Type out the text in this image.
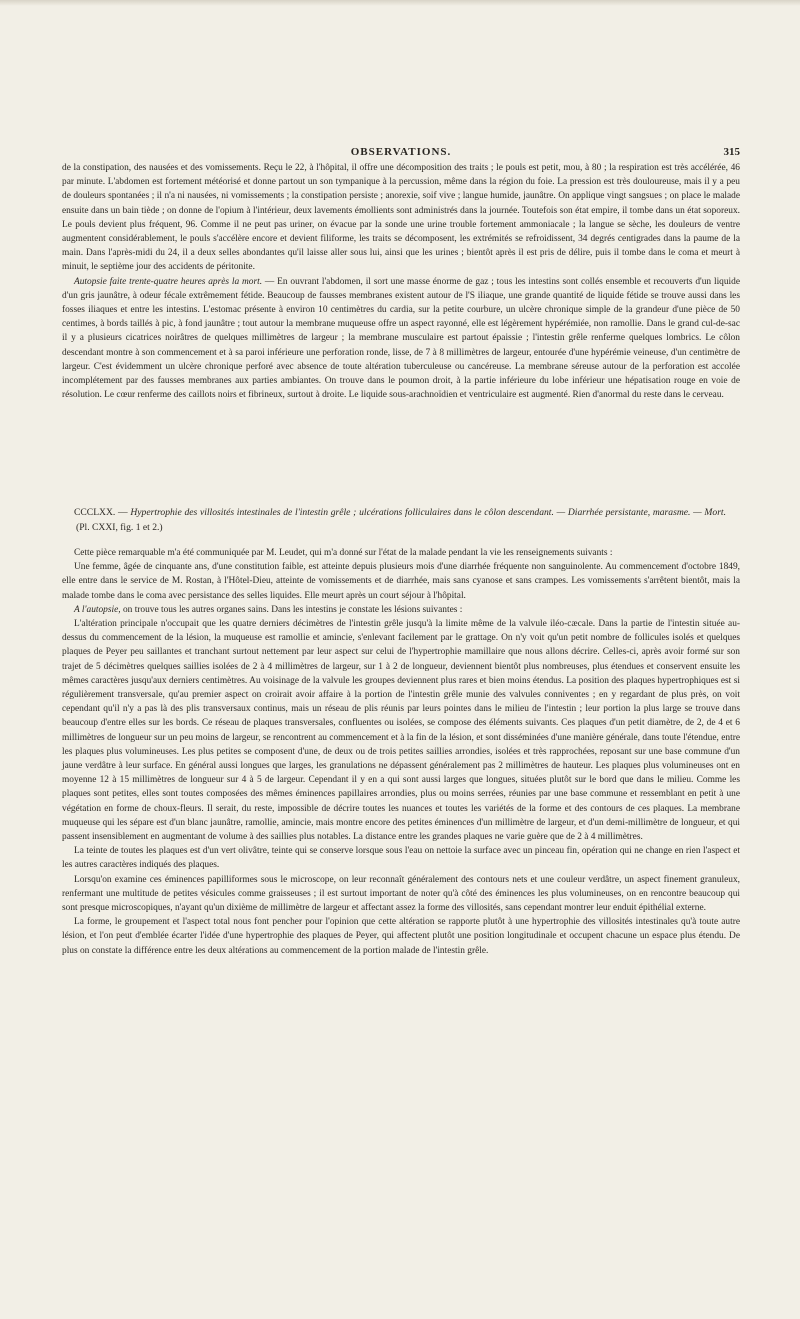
OBSERVATIONS.	315

de la constipation, des nausées et des vomissements. Reçu le 22, à l'hôpital, il offre une décomposition des traits ; le pouls est petit, mou, à 80 ; la respiration est très accélérée, 46 par minute. L'abdomen est fortement météorisé et donne partout un son tympanique à la percussion, même dans la région du foie. La pression est très douloureuse, mais il y a peu de douleurs spontanées ; il n'a ni nausées, ni vomissements ; la constipation persiste ; anorexie, soif vive ; langue humide, jaunâtre. On applique vingt sangsues ; on place le malade ensuite dans un bain tiède ; on donne de l'opium à l'intérieur, deux lavements émollients sont administrés dans la journée. Toutefois son état empire, il tombe dans un état soporeux. Le pouls devient plus fréquent, 96. Comme il ne peut pas uriner, on évacue par la sonde une urine trouble fortement ammoniacale ; la langue se sèche, les douleurs de ventre augmentent considérablement, le pouls s'accélère encore et devient filiforme, les traits se décomposent, les extrémités se refroidissent, 34 degrés centigrades dans la paume de la main. Dans l'après-midi du 24, il a deux selles abondantes qu'il laisse aller sous lui, ainsi que les urines ; bientôt après il est pris de délire, puis il tombe dans le coma et meurt à minuit, le septième jour des accidents de péritonite.

Autopsie faite trente-quatre heures après la mort. — En ouvrant l'abdomen, il sort une masse énorme de gaz ; tous les intestins sont collés ensemble et recouverts d'un liquide d'un gris jaunâtre, à odeur fécale extrêmement fétide. Beaucoup de fausses membranes existent autour de l'S iliaque, une grande quantité de liquide fétide se trouve aussi dans les fosses iliaques et entre les intestins. L'estomac présente à environ 10 centimètres du cardia, sur la petite courbure, un ulcère chronique simple de la grandeur d'une pièce de 50 centimes, à bords taillés à pic, à fond jaunâtre ; tout autour la membrane muqueuse offre un aspect rayonné, elle est légèrement hypérémiée, non ramollie. Dans le grand cul-de-sac il y a plusieurs cicatrices noirâtres de quelques millimètres de largeur ; la membrane musculaire est partout épaissie ; l'intestin grêle renferme quelques lombrics. Le côlon descendant montre à son commencement et à sa paroi inférieure une perforation ronde, lisse, de 7 à 8 millimètres de largeur, entourée d'une hypérémie veineuse, d'un centimètre de largeur. C'est évidemment un ulcère chronique perforé avec absence de toute altération tuberculeuse ou cancéreuse. La membrane séreuse autour de la perforation est accolée incomplétement par des fausses membranes aux parties ambiantes. On trouve dans le poumon droit, à la partie inférieure du lobe inférieur une hépatisation rouge en voie de résolution. Le cœur renferme des caillots noirs et fibrineux, surtout à droite. Le liquide sous-arachnoïdien et ventriculaire est augmenté. Rien d'anormal du reste dans le cerveau.

CCCLXX. — Hypertrophie des villosités intestinales de l'intestin grêle ; ulcérations folliculaires dans le côlon descendant. — Diarrhée persistante, marasme. — Mort. (Pl. CXXI, fig. 1 et 2.)

Cette pièce remarquable m'a été communiquée par M. Leudet, qui m'a donné sur l'état de la malade pendant la vie les renseignements suivants :

Une femme, âgée de cinquante ans, d'une constitution faible, est atteinte depuis plusieurs mois d'une diarrhée fréquente non sanguinolente. Au commencement d'octobre 1849, elle entre dans le service de M. Rostan, à l'Hôtel-Dieu, atteinte de vomissements et de diarrhée, mais sans cyanose et sans crampes. Les vomissements s'arrêtent bientôt, mais la malade tombe dans le coma avec persistance des selles liquides. Elle meurt après un court séjour à l'hôpital.

A l'autopsie, on trouve tous les autres organes sains. Dans les intestins je constate les lésions suivantes :

L'altération principale n'occupait que les quatre derniers décimètres de l'intestin grêle jusqu'à la limite même de la valvule iléo-cæcale. Dans la partie de l'intestin située au-dessus du commencement de la lésion, la muqueuse est ramollie et amincie, s'enlevant facilement par le grattage. On n'y voit qu'un petit nombre de follicules isolés et quelques plaques de Peyer peu saillantes et tranchant surtout nettement par leur aspect sur celui de l'hypertrophie mamillaire que nous allons décrire. Celles-ci, après avoir formé sur son trajet de 5 décimètres quelques saillies isolées de 2 à 4 millimètres de largeur, sur 1 à 2 de longueur, deviennent bientôt plus nombreuses, plus étendues et conservent ensuite les mêmes caractères jusqu'aux derniers centimètres. Au voisinage de la valvule les groupes deviennent plus rares et bien moins étendus. La position des plaques hypertrophiques est si régulièrement transversale, qu'au premier aspect on croirait avoir affaire à la portion de l'intestin grêle munie des valvules conniventes ; en y regardant de plus près, on voit cependant qu'il n'y a pas là des plis transversaux continus, mais un réseau de plis réunis par leurs pointes dans le milieu de l'intestin ; leur portion la plus large se trouve dans beaucoup d'entre elles sur les bords. Ce réseau de plaques transversales, confluentes ou isolées, se compose des éléments suivants. Ces plaques d'un petit diamètre, de 2, de 4 et 6 millimètres de longueur sur un peu moins de largeur, se rencontrent au commencement et à la fin de la lésion, et sont disséminées d'une manière générale, dans toute l'étendue, entre les plaques plus volumineuses. Les plus petites se composent d'une, de deux ou de trois petites saillies arrondies, isolées et très rapprochées, reposant sur une base commune d'un jaune verdâtre à leur surface. En général aussi longues que larges, les granulations ne dépassent généralement pas 2 millimètres de hauteur. Les plaques plus volumineuses ont en moyenne 12 à 15 millimètres de longueur sur 4 à 5 de largeur. Cependant il y en a qui sont aussi larges que longues, situées plutôt sur le bord que dans le milieu. Comme les plaques sont petites, elles sont toutes composées des mêmes éminences papillaires arrondies, plus ou moins serrées, réunies par une base commune et ressemblant en petit à une végétation en forme de choux-fleurs. Il serait, du reste, impossible de décrire toutes les nuances et toutes les variétés de la forme et des contours de ces plaques. La membrane muqueuse qui les sépare est d'un blanc jaunâtre, ramollie, amincie, mais montre encore des petites éminences d'un millimètre de largeur, et d'un demi-millimètre de longueur, et qui passent insensiblement en augmentant de volume à des saillies plus notables. La distance entre les grandes plaques ne varie guère que de 2 à 4 millimètres.

La teinte de toutes les plaques est d'un vert olivâtre, teinte qui se conserve lorsque sous l'eau on nettoie la surface avec un pinceau fin, opération qui ne change en rien l'aspect et les autres caractères indiqués des plaques.

Lorsqu'on examine ces éminences papilliformes sous le microscope, on leur reconnaît généralement des contours nets et une couleur verdâtre, un aspect finement granuleux, renfermant une multitude de petites vésicules comme graisseuses ; il est surtout important de noter qu'à côté des éminences les plus volumineuses, on en rencontre beaucoup qui sont presque microscopiques, n'ayant qu'un dixième de millimètre de largeur et affectant assez la forme des villosités, sans cependant montrer leur enduit épithélial externe.

La forme, le groupement et l'aspect total nous font pencher pour l'opinion que cette altération se rapporte plutôt à une hypertrophie des villosités intestinales qu'à toute autre lésion, et l'on peut d'emblée écarter l'idée d'une hypertrophie des plaques de Peyer, qui affectent plutôt une position longitudinale et occupent chacune un espace plus étendu. De plus on constate la différence entre les deux altérations au commencement de la portion malade de l'intestin grêle.
